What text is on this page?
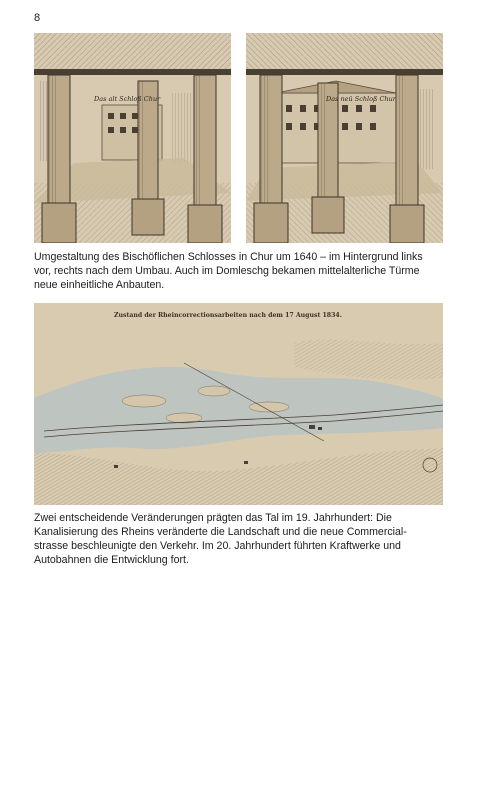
8
Das alt Schloß Chur	Das neü Schloß Chur
Umgestaltung des Bischöflichen Schlosses in Chur um 1640 – im Hintergrund links
vor, rechts nach dem Umbau. Auch im Domleschg bekamen mittelalterliche Türme
neue einheitliche Anbauten.
Zustand der Rheincorrectionsarbeiten nach dem 17 August 1834.
Zwei entscheidende Veränderungen prägten das Tal im 19. Jahrhundert: Die
Kanalisierung des Rheins veränderte die Landschaft und die neue Commercial-
strasse beschleunigte den Verkehr. Im 20. Jahrhundert führten Kraftwerke und
Autobahnen die Entwicklung fort.
